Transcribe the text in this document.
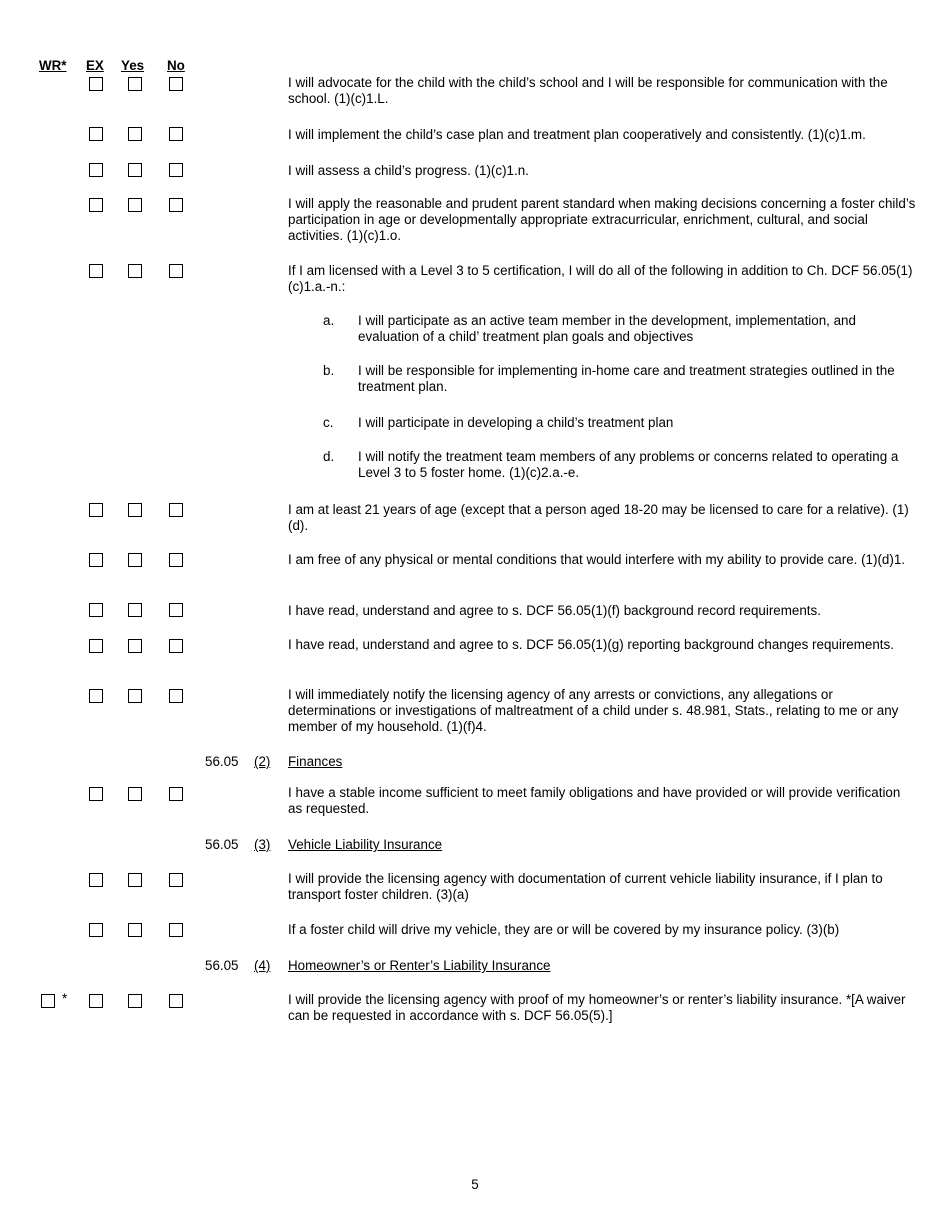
WR* EX Yes No
I will advocate for the child with the child’s school and I will be responsible for communication with the school. (1)(c)1.L.
I will implement the child’s case plan and treatment plan cooperatively and consistently. (1)(c)1.m.
I will assess a child’s progress. (1)(c)1.n.
I will apply the reasonable and prudent parent standard when making decisions concerning a foster child’s participation in age or developmentally appropriate extracurricular, enrichment, cultural, and social activities. (1)(c)1.o.
If I am licensed with a Level 3 to 5 certification, I will do all of the following in addition to Ch. DCF 56.05(1)(c)1.a.-n.:
a. I will participate as an active team member in the development, implementation, and evaluation of a child’ treatment plan goals and objectives
b. I will be responsible for implementing in-home care and treatment strategies outlined in the treatment plan.
c. I will participate in developing a child’s treatment plan
d. I will notify the treatment team members of any problems or concerns related to operating a Level 3 to 5 foster home. (1)(c)2.a.-e.
I am at least 21 years of age (except that a person aged 18-20 may be licensed to care for a relative). (1)(d).
I am free of any physical or mental conditions that would interfere with my ability to provide care. (1)(d)1.
I have read, understand and agree to s. DCF 56.05(1)(f) background record requirements.
I have read, understand and agree to s. DCF 56.05(1)(g) reporting background changes requirements.
I will immediately notify the licensing agency of any arrests or convictions, any allegations or determinations or investigations of maltreatment of a child under s. 48.981, Stats., relating to me or any member of my household. (1)(f)4.
56.05 (2) Finances
I have a stable income sufficient to meet family obligations and have provided or will provide verification as requested.
56.05 (3) Vehicle Liability Insurance
I will provide the licensing agency with documentation of current vehicle liability insurance, if I plan to transport foster children. (3)(a)
If a foster child will drive my vehicle, they are or will be covered by my insurance policy. (3)(b)
56.05 (4) Homeowner’s or Renter’s Liability Insurance
*	I will provide the licensing agency with proof of my homeowner’s or renter’s liability insurance. *[A waiver can be requested in accordance with s. DCF 56.05(5).]
5
